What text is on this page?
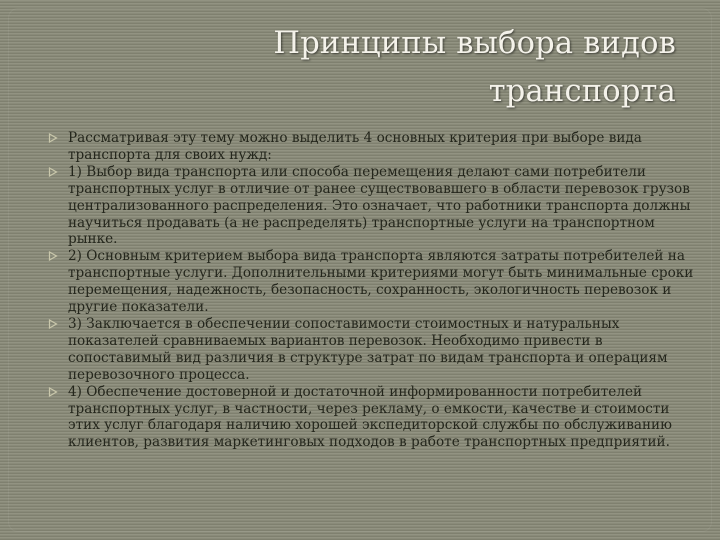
Принципы выбора видов
транспорта
Рассматривая эту тему можно выделить 4 основных критерия при выборе вида транспорта для своих нужд:
1) Выбор вида транспорта или способа перемещения делают сами потребители транспортных услуг в отличие от ранее существовавшего в области перевозок грузов централизованного распределения. Это означает, что работники транспорта должны научиться продавать (а не распределять) транспортные услуги на транспортном рынке.
2) Основным критерием выбора вида транспорта являются затраты потребителей на транспортные услуги. Дополнительными критериями могут быть минимальные сроки перемещения, надежность, безопасность, сохранность, экологичность перевозок и другие показатели.
3) Заключается в обеспечении сопоставимости стоимостных и натуральных показателей сравниваемых вариантов перевозок. Необходимо привести в сопоставимый вид различия в структуре затрат по видам транспорта и операциям перевозочного процесса.
4) Обеспечение достоверной и достаточной информированности потребителей транспортных услуг, в частности, через рекламу, о емкости, качестве и стоимости этих услуг благодаря наличию хорошей экспедиторской службы по обслуживанию клиентов, развития маркетинговых подходов в работе транспортных предприятий.
